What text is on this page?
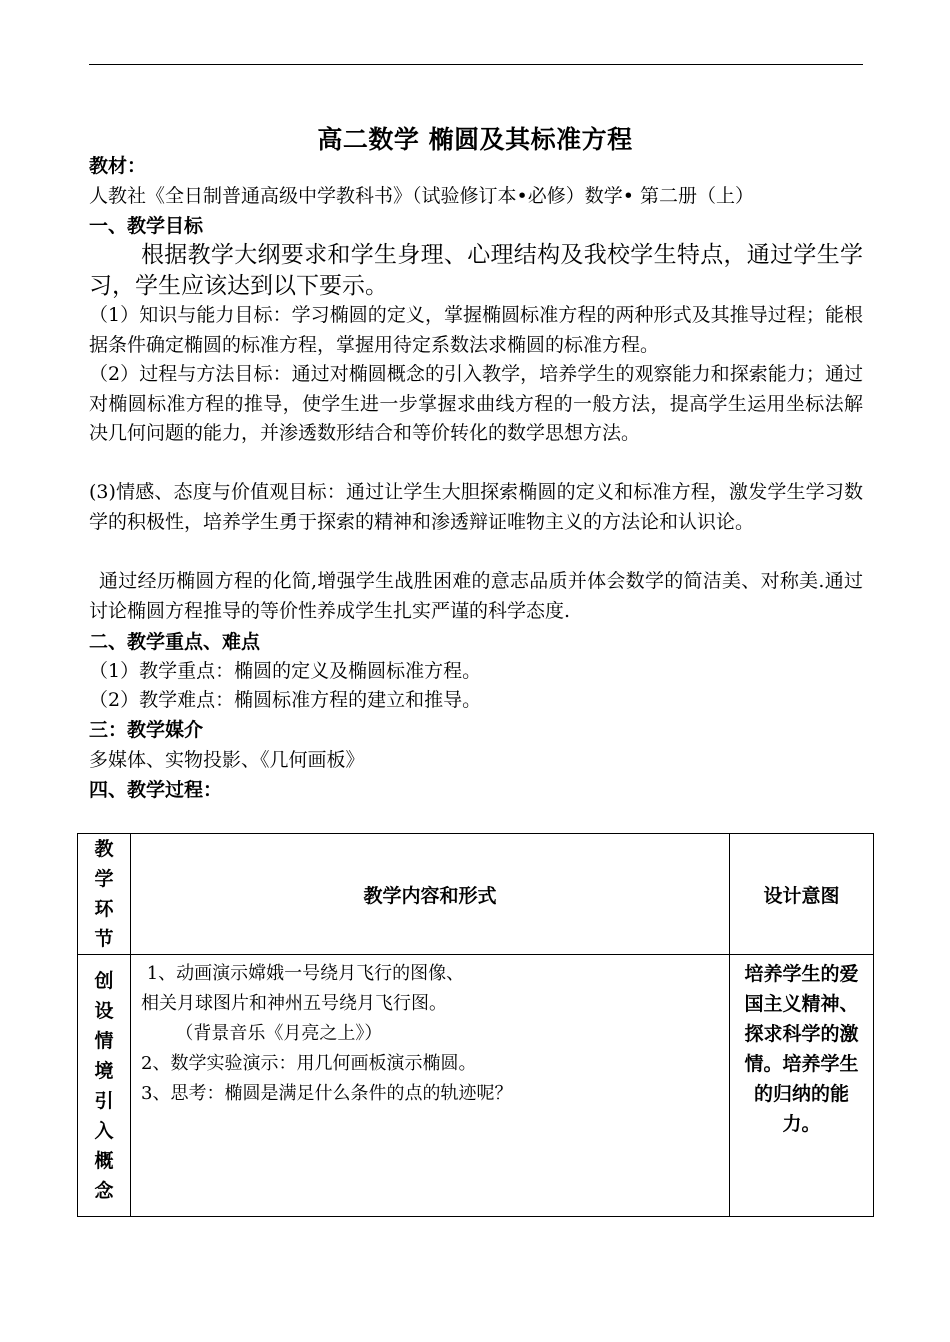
高二数学 椭圆及其标准方程
教材：
人教社《全日制普通高级中学教科书》（试验修订本•必修）数学• 第二册（上）
一、教学目标
根据教学大纲要求和学生身理、心理结构及我校学生特点，通过学生学习，学生应该达到以下要示。
（1）知识与能力目标：学习椭圆的定义，掌握椭圆标准方程的两种形式及其推导过程；能根据条件确定椭圆的标准方程，掌握用待定系数法求椭圆的标准方程。
（2）过程与方法目标：通过对椭圆概念的引入教学，培养学生的观察能力和探索能力；通过对椭圆标准方程的推导，使学生进一步掌握求曲线方程的一般方法，提高学生运用坐标法解决几何问题的能力，并渗透数形结合和等价转化的数学思想方法。
(3)情感、态度与价值观目标：通过让学生大胆探索椭圆的定义和标准方程，激发学生学习数学的积极性，培养学生勇于探索的精神和渗透辩证唯物主义的方法论和认识论。
通过经历椭圆方程的化简,增强学生战胜困难的意志品质并体会数学的简洁美、对称美.通过讨论椭圆方程推导的等价性养成学生扎实严谨的科学态度.
二、教学重点、难点
（1）教学重点：椭圆的定义及椭圆标准方程。
（2）教学难点：椭圆标准方程的建立和推导。
三：教学媒介
多媒体、实物投影、《几何画板》
四、教学过程：
教学环节	教学内容和形式	设计意图

创设情境引入概念	1、动画演示嫦娥一号绕月飞行的图像、
相关月球图片和神州五号绕月飞行图。
（背景音乐《月亮之上》）
2、数学实验演示：用几何画板演示椭圆。
3、思考：椭圆是满足什么条件的点的轨迹呢？	培养学生的爱国主义精神、探求科学的激情。培养学生的归纳的能力。
